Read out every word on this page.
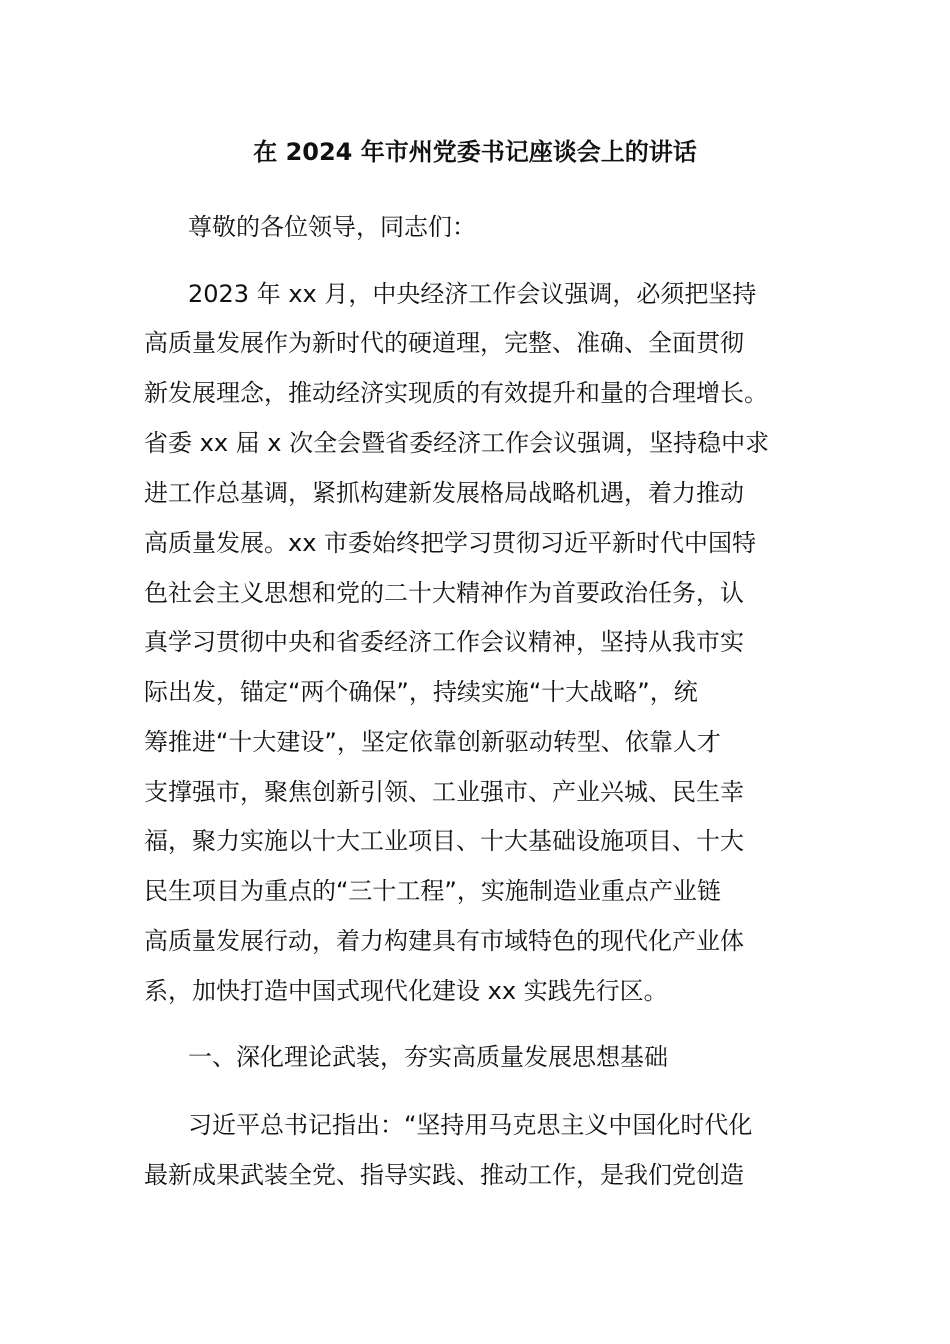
在 2024 年市州党委书记座谈会上的讲话
尊敬的各位领导，同志们：
2023 年 xx 月，中央经济工作会议强调，必须把坚持
高质量发展作为新时代的硬道理，完整、准确、全面贯彻
新发展理念，推动经济实现质的有效提升和量的合理增长。
省委 xx 届 x 次全会暨省委经济工作会议强调，坚持稳中求
进工作总基调，紧抓构建新发展格局战略机遇，着力推动
高质量发展。xx 市委始终把学习贯彻习近平新时代中国特
色社会主义思想和党的二十大精神作为首要政治任务，认
真学习贯彻中央和省委经济工作会议精神，坚持从我市实
际出发，锚定“两个确保”，持续实施“十大战略”，统
筹推进“十大建设”，坚定依靠创新驱动转型、依靠人才
支撑强市，聚焦创新引领、工业强市、产业兴城、民生幸
福，聚力实施以十大工业项目、十大基础设施项目、十大
民生项目为重点的“三十工程”，实施制造业重点产业链
高质量发展行动，着力构建具有市域特色的现代化产业体
系，加快打造中国式现代化建设 xx 实践先行区。
一、深化理论武装，夯实高质量发展思想基础
习近平总书记指出：“坚持用马克思主义中国化时代化
最新成果武装全党、指导实践、推动工作，是我们党创造
